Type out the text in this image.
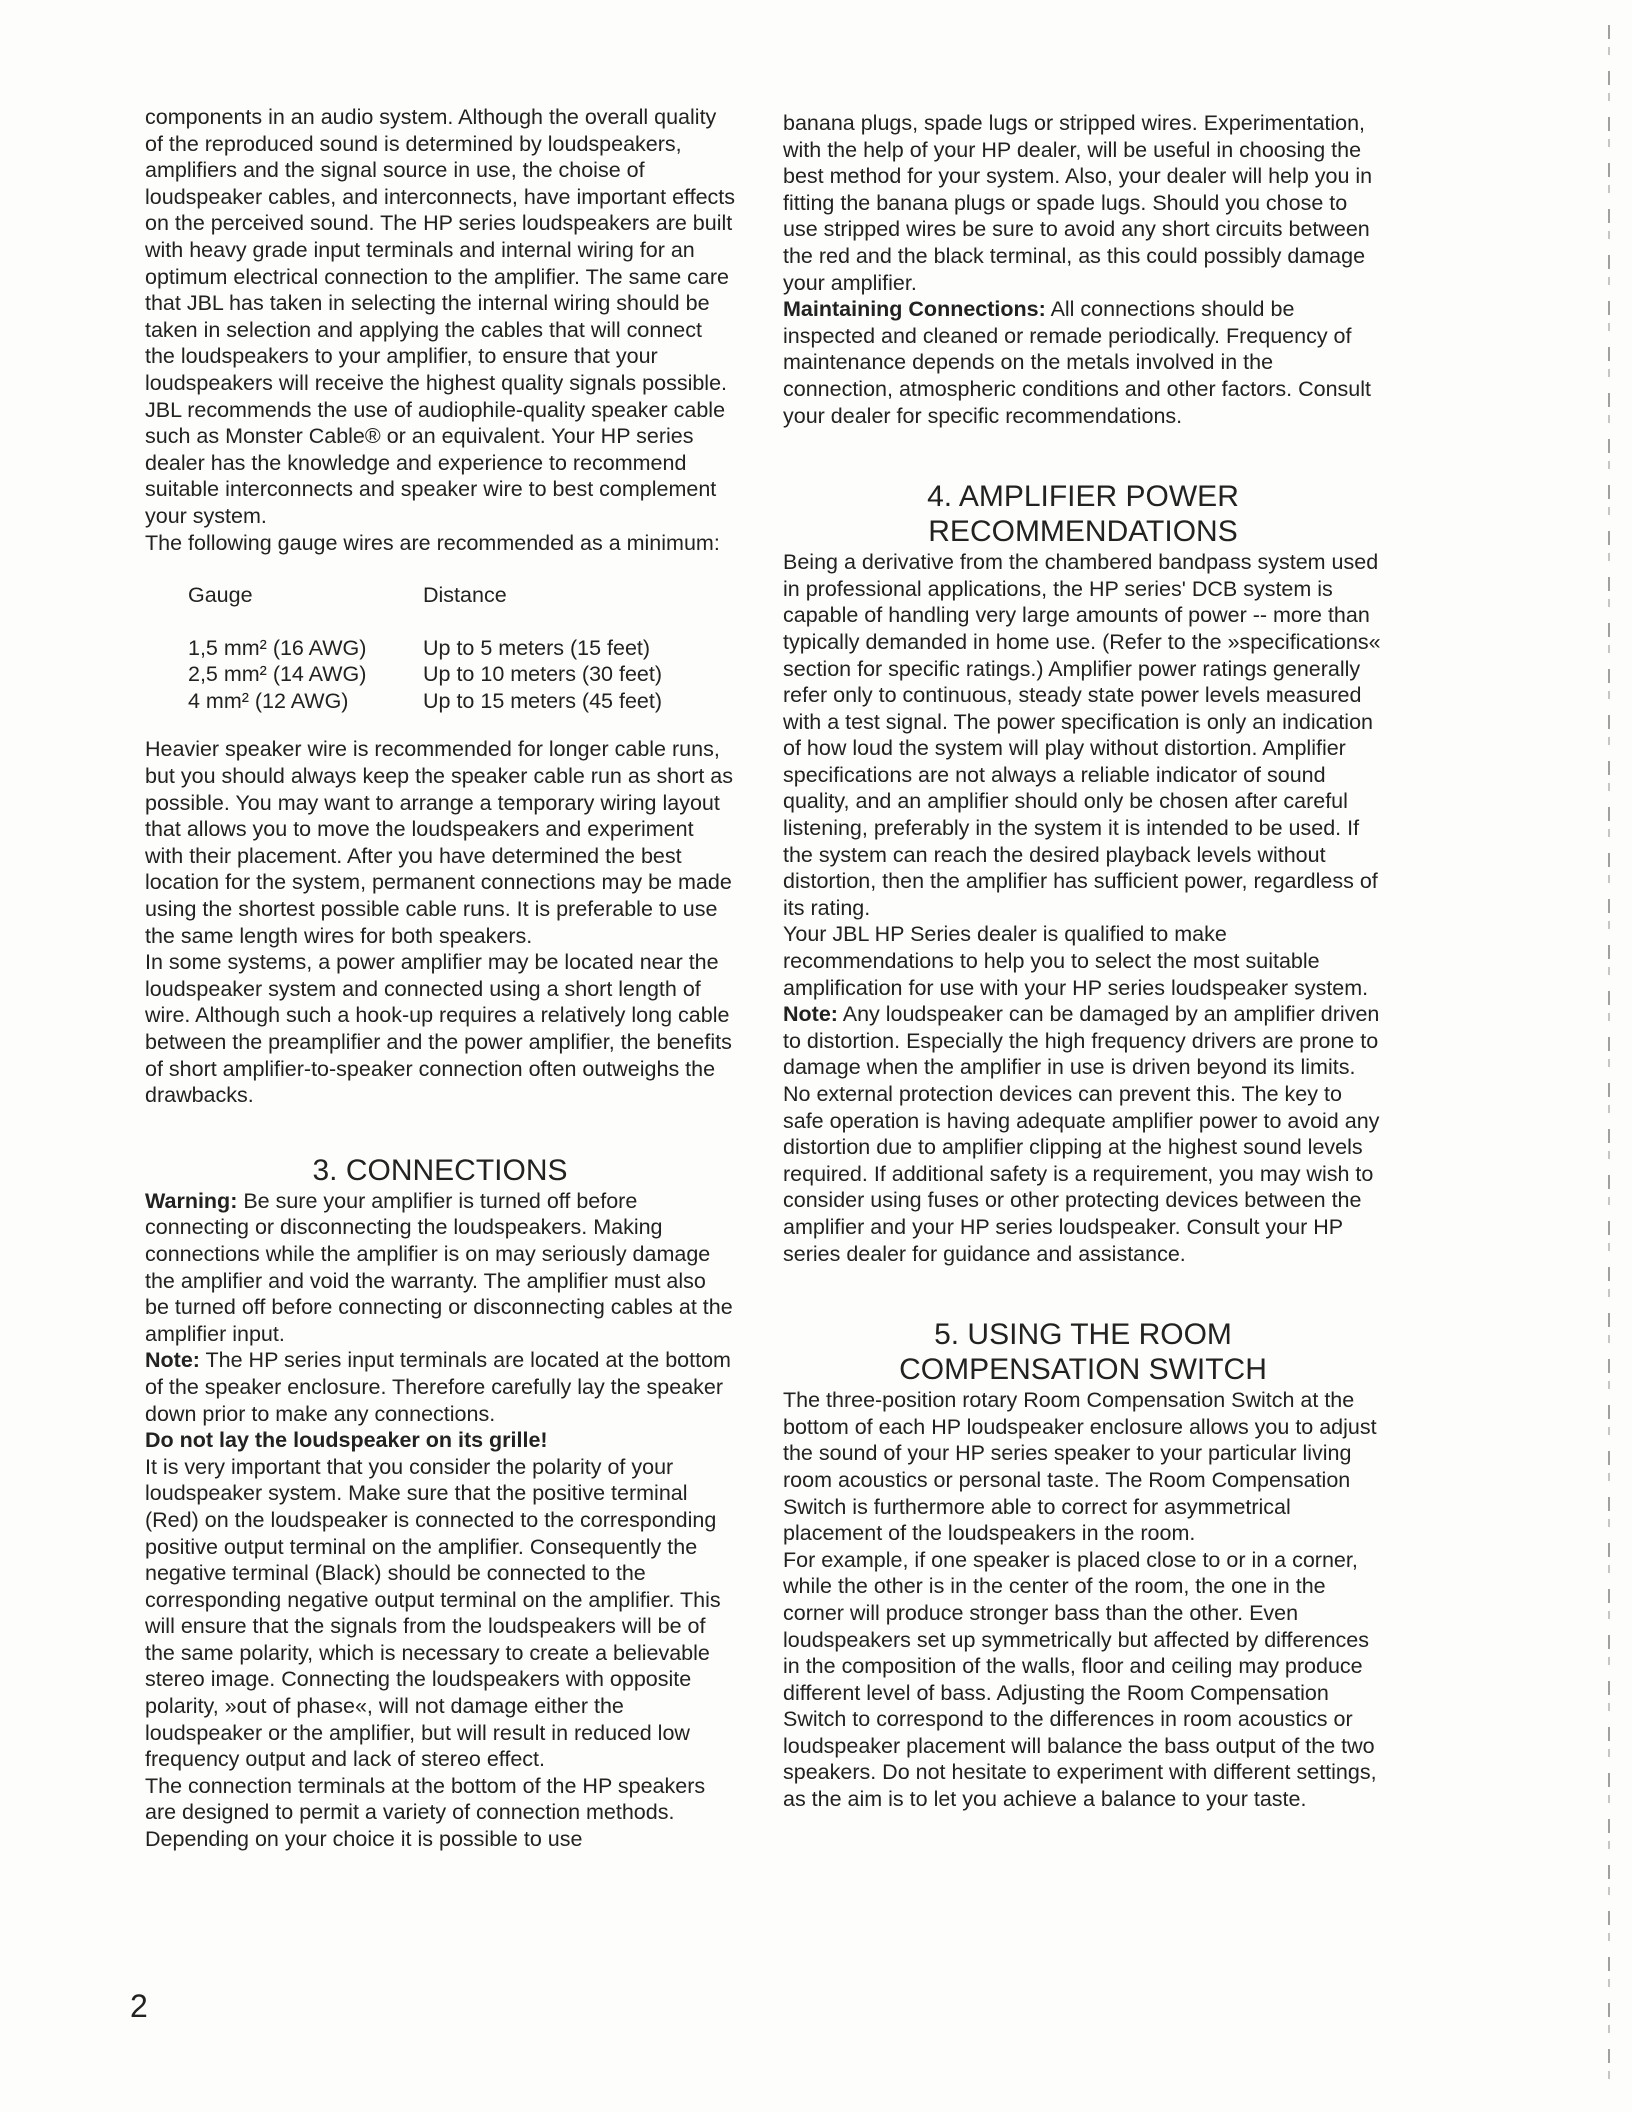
components in an audio system. Although the overall quality of the reproduced sound is determined by loudspeakers, amplifiers and the signal source in use, the choise of loudspeaker cables, and interconnects, have important effects on the perceived sound. The HP series loudspeakers are built with heavy grade input terminals and internal wiring for an optimum electrical connection to the amplifier. The same care that JBL has taken in selecting the internal wiring should be taken in selection and applying the cables that will connect the loudspeakers to your amplifier, to ensure that your loudspeakers will receive the highest quality signals possible. JBL recommends the use of audiophile-quality speaker cable such as Monster Cable® or an equivalent. Your HP series dealer has the knowledge and experience to recommend suitable interconnects and speaker wire to best complement your system.

The following gauge wires are recommended as a minimum:

Gauge	Distance
1,5 mm² (16 AWG)	Up to 5 meters (15 feet)
2,5 mm² (14 AWG)	Up to 10 meters (30 feet)
4 mm² (12 AWG)	Up to 15 meters (45 feet)

Heavier speaker wire is recommended for longer cable runs, but you should always keep the speaker cable run as short as possible. You may want to arrange a temporary wiring layout that allows you to move the loudspeakers and experiment with their placement. After you have determined the best location for the system, permanent connections may be made using the shortest possible cable runs. It is preferable to use the same length wires for both speakers.

In some systems, a power amplifier may be located near the loudspeaker system and connected using a short length of wire. Although such a hook-up requires a relatively long cable between the preamplifier and the power amplifier, the benefits of short amplifier-to-speaker connection often outweighs the drawbacks.

3. CONNECTIONS

Warning: Be sure your amplifier is turned off before connecting or disconnecting the loudspeakers. Making connections while the amplifier is on may seriously damage the amplifier and void the warranty. The amplifier must also be turned off before connecting or disconnecting cables at the amplifier input.

Note: The HP series input terminals are located at the bottom of the speaker enclosure. Therefore carefully lay the speaker down prior to make any connections.

Do not lay the loudspeaker on its grille!

It is very important that you consider the polarity of your loudspeaker system. Make sure that the positive terminal (Red) on the loudspeaker is connected to the corresponding positive output terminal on the amplifier. Consequently the negative terminal (Black) should be connected to the corresponding negative output terminal on the amplifier. This will ensure that the signals from the loudspeakers will be of the same polarity, which is necessary to create a believable stereo image. Connecting the loudspeakers with opposite polarity, »out of phase«, will not damage either the loudspeaker or the amplifier, but will result in reduced low frequency output and lack of stereo effect.

The connection terminals at the bottom of the HP speakers are designed to permit a variety of connection methods. Depending on your choice it is possible to use

banana plugs, spade lugs or stripped wires. Experimentation, with the help of your HP dealer, will be useful in choosing the best method for your system. Also, your dealer will help you in fitting the banana plugs or spade lugs. Should you chose to use stripped wires be sure to avoid any short circuits between the red and the black terminal, as this could possibly damage your amplifier.

Maintaining Connections: All connections should be inspected and cleaned or remade periodically. Frequency of maintenance depends on the metals involved in the connection, atmospheric conditions and other factors. Consult your dealer for specific recommendations.

4. AMPLIFIER POWER
RECOMMENDATIONS

Being a derivative from the chambered bandpass system used in professional applications, the HP series' DCB system is capable of handling very large amounts of power -- more than typically demanded in home use. (Refer to the »specifications« section for specific ratings.) Amplifier power ratings generally refer only to continuous, steady state power levels measured with a test signal. The power specification is only an indication of how loud the system will play without distortion. Amplifier specifications are not always a reliable indicator of sound quality, and an amplifier should only be chosen after careful listening, preferably in the system it is intended to be used. If the system can reach the desired playback levels without distortion, then the amplifier has sufficient power, regardless of its rating.

Your JBL HP Series dealer is qualified to make recommendations to help you to select the most suitable amplification for use with your HP series loudspeaker system.

Note: Any loudspeaker can be damaged by an amplifier driven to distortion. Especially the high frequency drivers are prone to damage when the amplifier in use is driven beyond its limits. No external protection devices can prevent this. The key to safe operation is having adequate amplifier power to avoid any distortion due to amplifier clipping at the highest sound levels required. If additional safety is a requirement, you may wish to consider using fuses or other protecting devices between the amplifier and your HP series loudspeaker. Consult your HP series dealer for guidance and assistance.

5. USING THE ROOM
COMPENSATION SWITCH

The three-position rotary Room Compensation Switch at the bottom of each HP loudspeaker enclosure allows you to adjust the sound of your HP series speaker to your particular living room acoustics or personal taste. The Room Compensation Switch is furthermore able to correct for asymmetrical placement of the loudspeakers in the room.

For example, if one speaker is placed close to or in a corner, while the other is in the center of the room, the one in the corner will produce stronger bass than the other. Even loudspeakers set up symmetrically but affected by differences in the composition of the walls, floor and ceiling may produce different level of bass. Adjusting the Room Compensation Switch to correspond to the differences in room acoustics or loudspeaker placement will balance the bass output of the two speakers. Do not hesitate to experiment with different settings, as the aim is to let you achieve a balance to your taste.

2
